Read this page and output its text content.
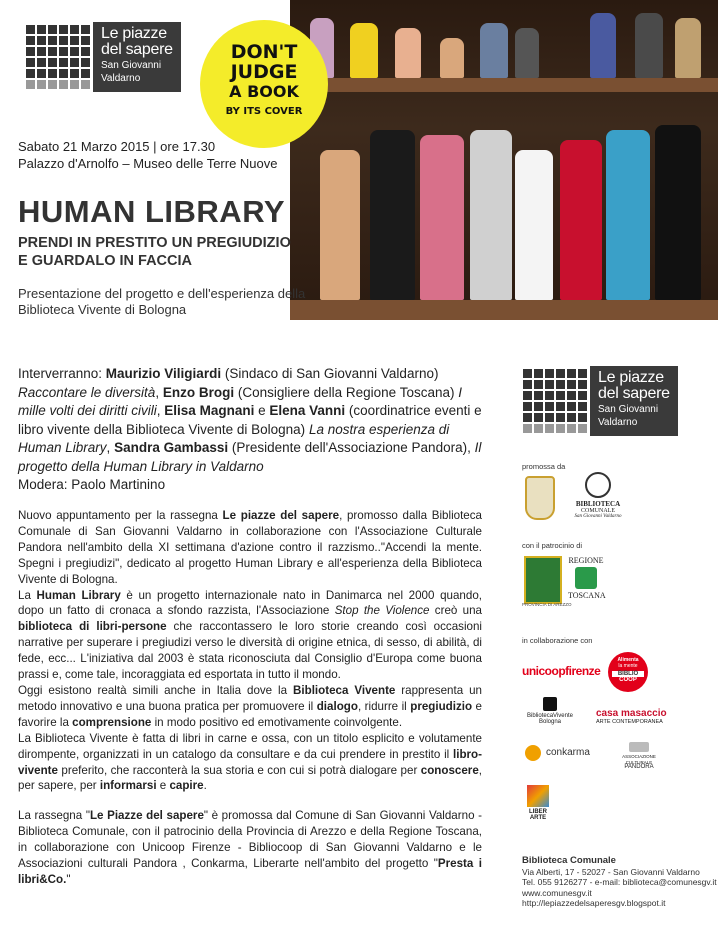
Le piazze
del sapere
San Giovanni
Valdarno
DON'T
JUDGE
A BOOK
BY ITS COVER
Sabato 21 Marzo 2015 | ore 17.30
Palazzo d'Arnolfo – Museo delle Terre Nuove
HUMAN LIBRARY
PRENDI IN PRESTITO UN PREGIUDIZIO
E GUARDALO IN FACCIA
Presentazione del progetto e dell'esperienza della
Biblioteca Vivente di Bologna
Interverranno: Maurizio Viligiardi (Sindaco di San Giovanni Valdarno) Raccontare le diversità, Enzo Brogi (Consigliere della Regione Toscana) I mille volti dei diritti civili, Elisa Magnani e Elena Vanni (coordinatrice eventi e libro vivente della Biblioteca Vivente di Bologna) La nostra esperienza di Human Library, Sandra Gambassi (Presidente dell'Associazione Pandora), Il progetto della Human Library in Valdarno
Modera: Paolo Martinino

Nuovo appuntamento per la rassegna Le piazze del sapere, promosso dalla Biblioteca Comunale di San Giovanni Valdarno in collaborazione con l'Associazione Culturale Pandora nell'ambito della XI settimana d'azione contro il razzismo.."Accendi la mente. Spegni i pregiudizi", dedicato al progetto Human Library e all'esperienza della Biblioteca Vivente di Bologna.

La Human Library è un progetto internazionale nato in Danimarca nel 2000 quando, dopo un fatto di cronaca a sfondo razzista, l'Associazione Stop the Violence creò una biblioteca di libri-persone che raccontassero le loro storie creando così occasioni narrative per superare i pregiudizi verso le diversità di origine etnica, di sesso, di abilità, di fede, ecc... L'iniziativa dal 2003 è stata riconosciuta dal Consiglio d'Europa come buona prassi e, come tale, incoraggiata ed esportata in tutto il mondo.

Oggi esistono realtà simili anche in Italia dove la Biblioteca Vivente rappresenta un metodo innovativo e una buona pratica per promuovere il dialogo, ridurre il pregiudizio e favorire la comprensione in modo positivo ed emotivamente coinvolgente.

La Biblioteca Vivente è fatta di libri in carne e ossa, con un titolo esplicito e volutamente dirompente, organizzati in un catalogo da consultare e da cui prendere in prestito il libro-vivente preferito, che racconterà la sua storia e con cui si potrà dialogare per conoscere, per sapere, per informarsi e capire.

La rassegna "Le Piazze del sapere" è promossa dal Comune di San Giovanni Valdarno - Biblioteca Comunale, con il patrocinio della Provincia di Arezzo e della Regione Toscana, in collaborazione con Unicoop Firenze - Bibliocoop di San Giovanni Valdarno e le Associazioni culturali Pandora , Conkarma, Liberarte nell'ambito del progetto "Presta i libri&Co."

Le piazze
del sapere
San Giovanni
Valdarno
promossa da
BIBLIOTECA
COMUNALE
San Giovanni Valdarno
con il patrocinio di
PROVINCIA DI AREZZO
REGIONE
TOSCANA
in collaborazione con
unicoopfirenze
Alimenta
la mente
BIBLIO
COOP
BibliotecaVivente
Bologna
casa masaccio
ARTE CONTEMPORANEA
conkarma	ASSOCIAZIONE
CULTURALE
PANDORA
LIBER
ARTE
Biblioteca Comunale
Via Alberti, 17 - 52027 - San Giovanni Valdarno
Tel. 055 9126277 - e-mail: biblioteca@comunesgv.it
www.comunesgv.it
http://lepiazzedelsaperesgv.blogspot.it
